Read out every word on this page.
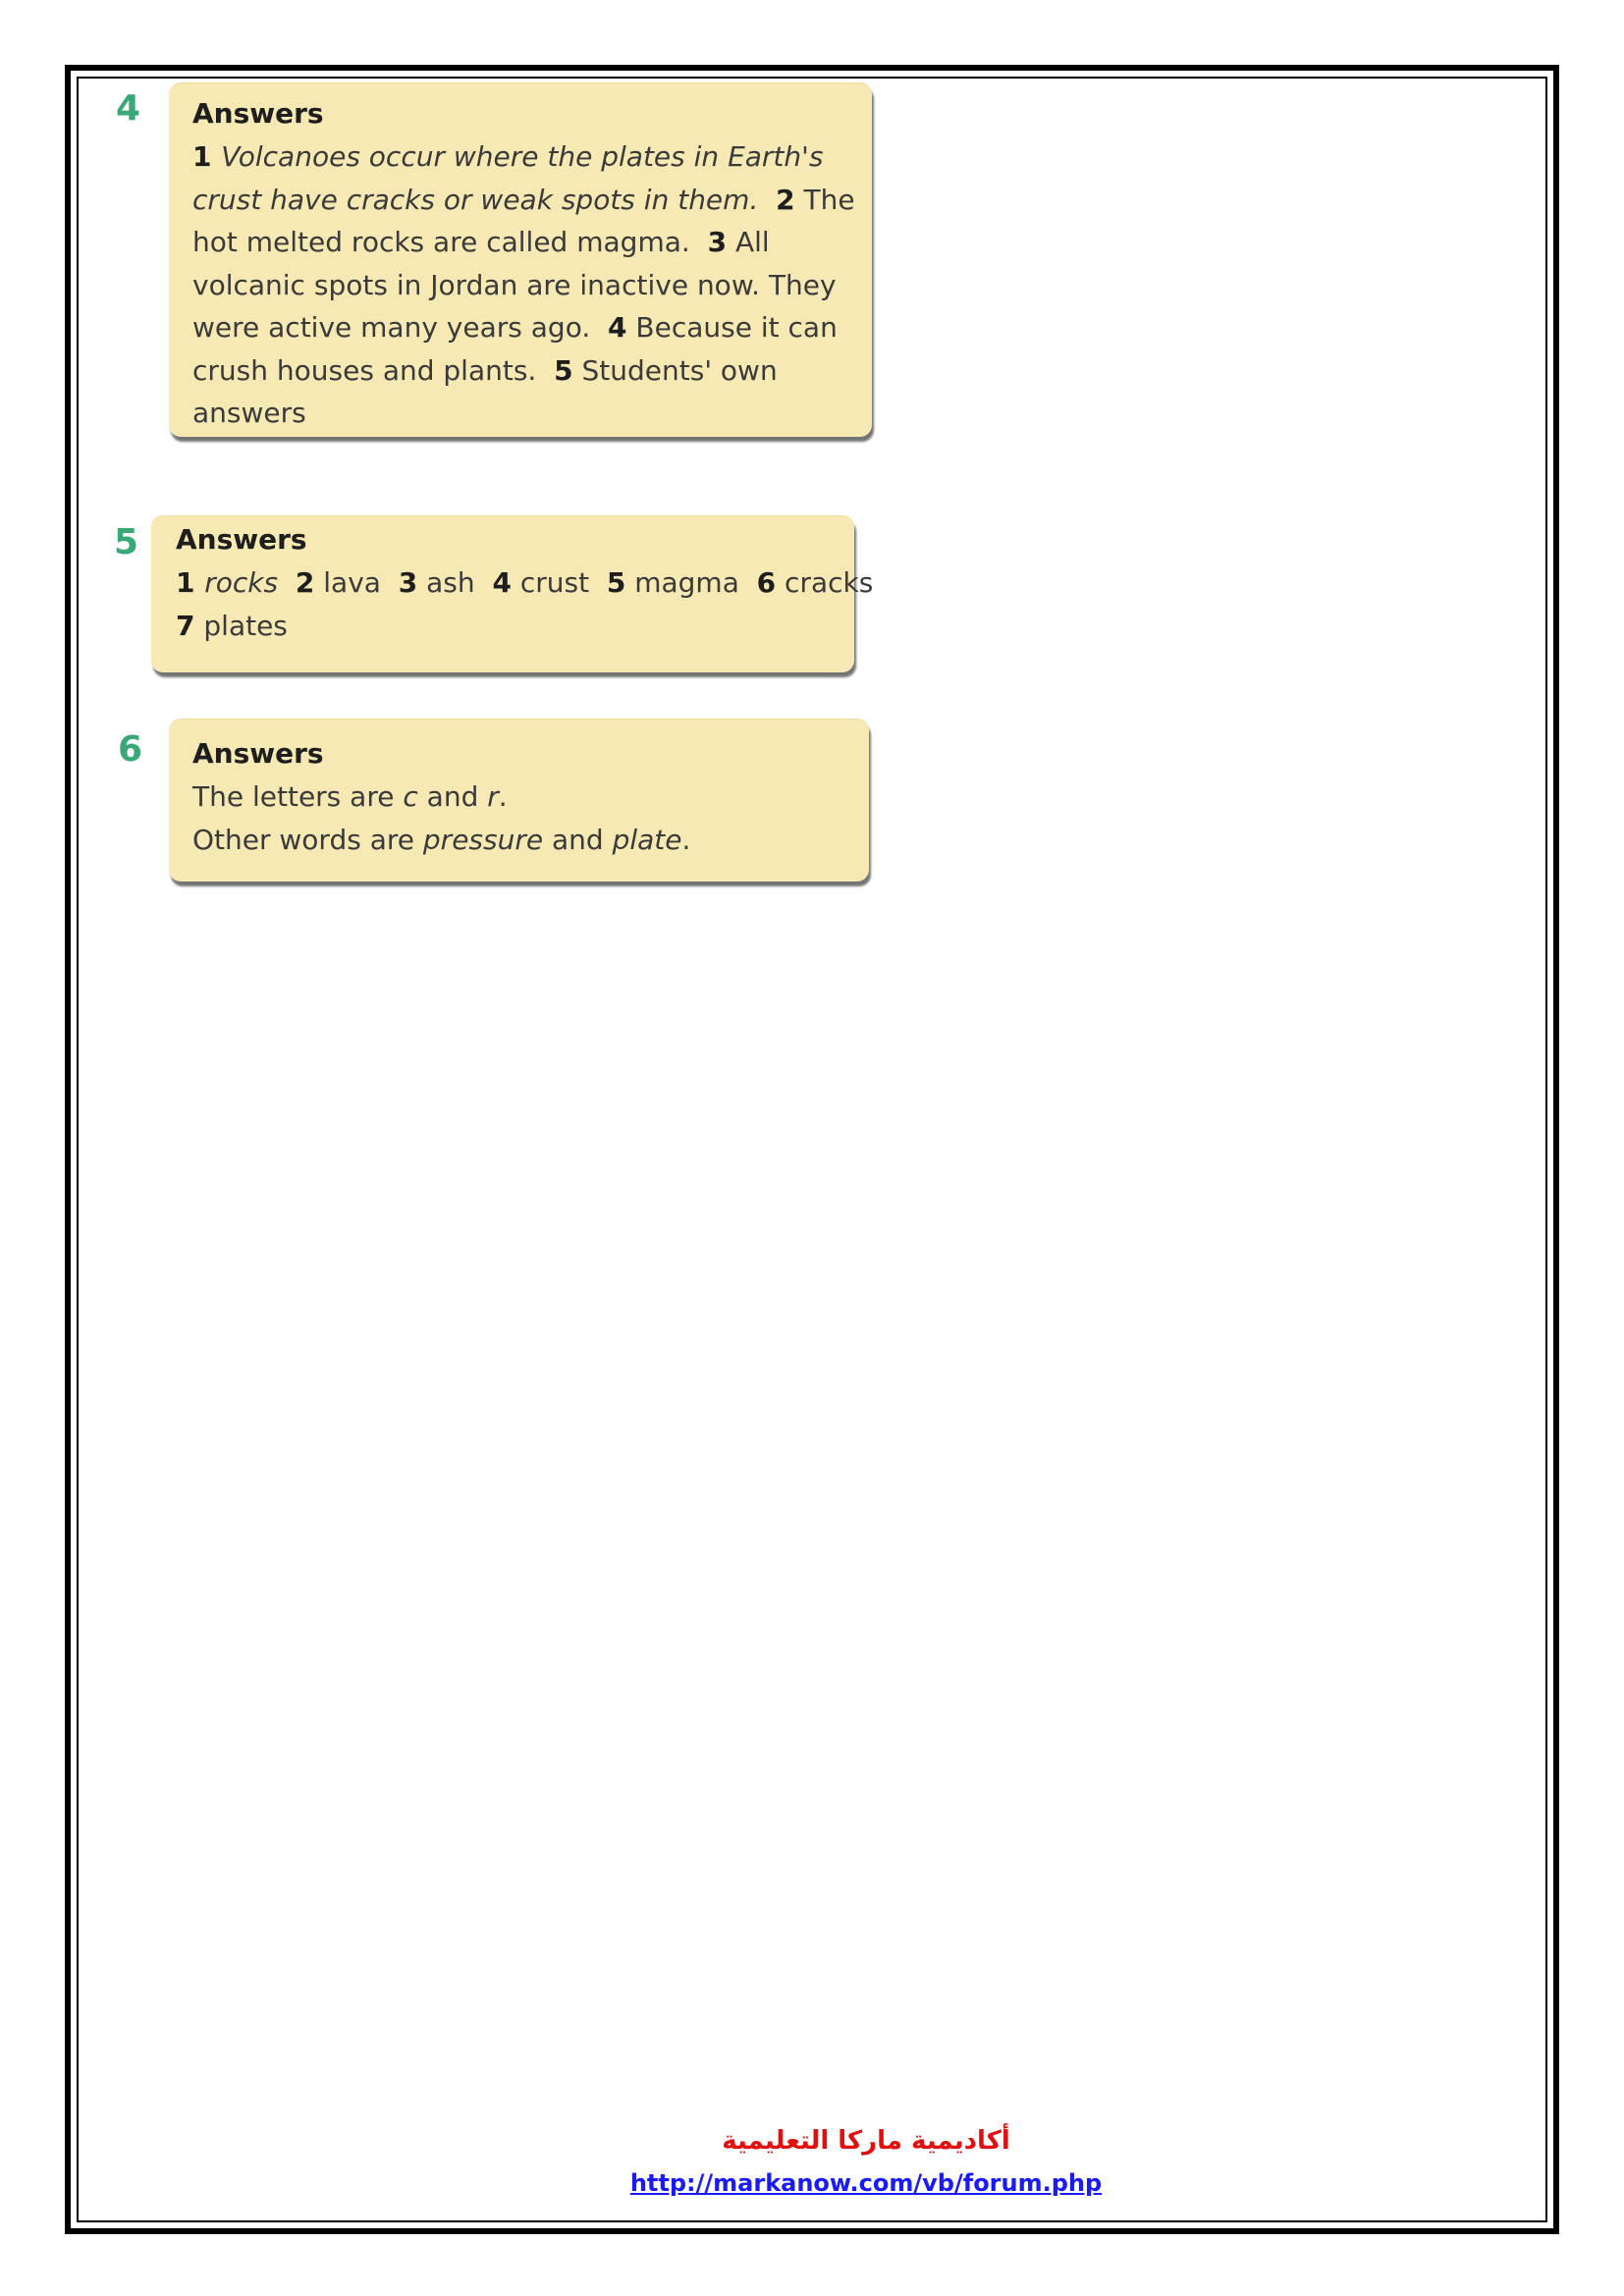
4 Answers
1 Volcanoes occur where the plates in Earth's
crust have cracks or weak spots in them. 2 The
hot melted rocks are called magma.  3 All
volcanic spots in Jordan are inactive now. They
were active many years ago.  4 Because it can
crush houses and plants.  5 Students' own
answers
5 Answers
1 rocks 2 lava  3 ash  4 crust  5 magma  6 cracks
7 plates
6 Answers
The letters are c and r.
Other words are pressure and plate.
أكاديمية ماركا التعليمية
http://markanow.com/vb/forum.php
